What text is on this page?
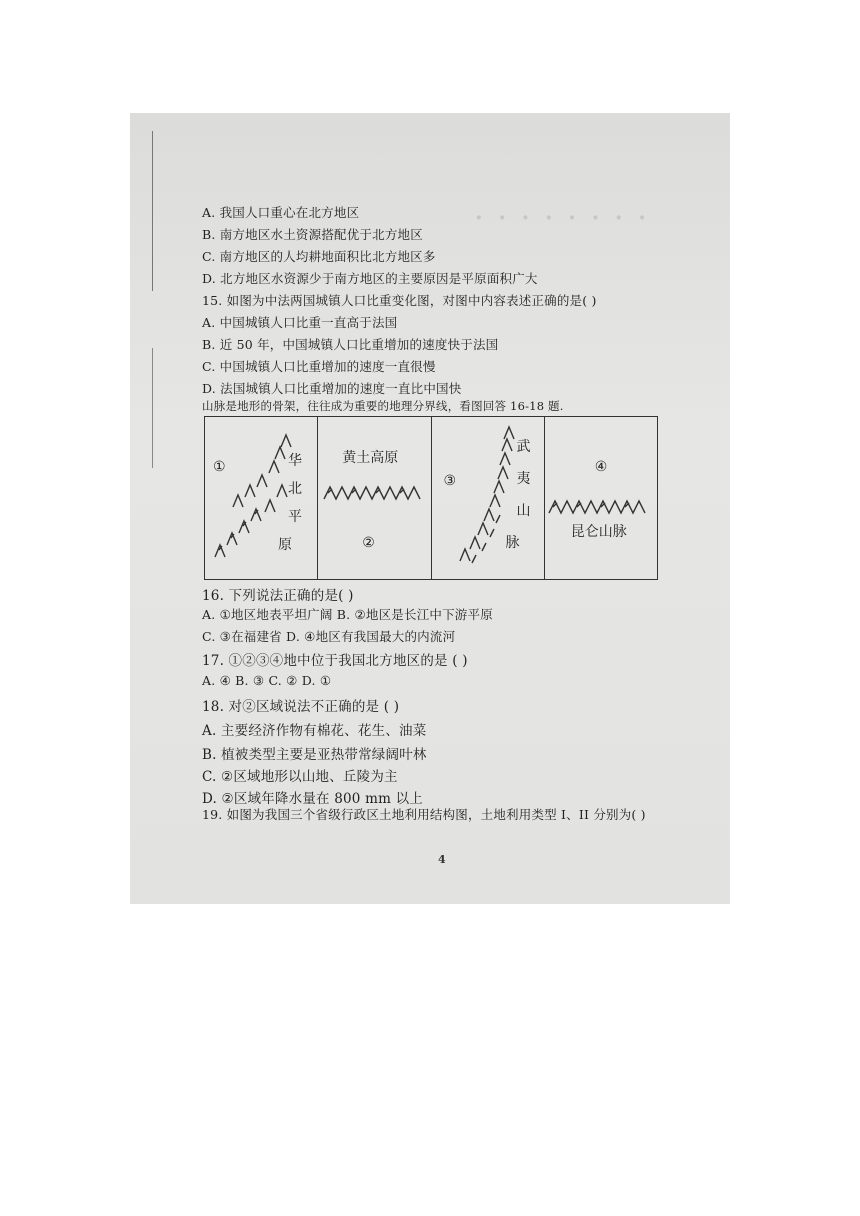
· · · · · · · ·
A. 我国人口重心在北方地区
B. 南方地区水土资源搭配优于北方地区
C. 南方地区的人均耕地面积比北方地区多
D. 北方地区水资源少于南方地区的主要原因是平原面积广大
15. 如图为中法两国城镇人口比重变化图，对图中内容表述正确的是( )
A. 中国城镇人口比重一直高于法国
B. 近 50 年，中国城镇人口比重增加的速度快于法国
C. 中国城镇人口比重增加的速度一直很慢
D. 法国城镇人口比重增加的速度一直比中国快
山脉是地形的骨架，往往成为重要的地理分界线，看图回答 16-18 题.
①	华
北
平
原
黄土高原
②
③
武
夷
山
脉
④
昆仑山脉
16. 下列说法正确的是( )
A. ①地区地表平坦广阔 B. ②地区是长江中下游平原
C. ③在福建省 D. ④地区有我国最大的内流河
17. ①②③④地中位于我国北方地区的是 ( )
A. ④ B. ③ C. ② D. ①
18. 对②区域说法不正确的是 ( )
A. 主要经济作物有棉花、花生、油菜
B. 植被类型主要是亚热带常绿阔叶林
C. ②区域地形以山地、丘陵为主
D. ②区域年降水量在 800 mm 以上
19. 如图为我国三个省级行政区土地利用结构图，土地利用类型 I、II 分别为( )
4
